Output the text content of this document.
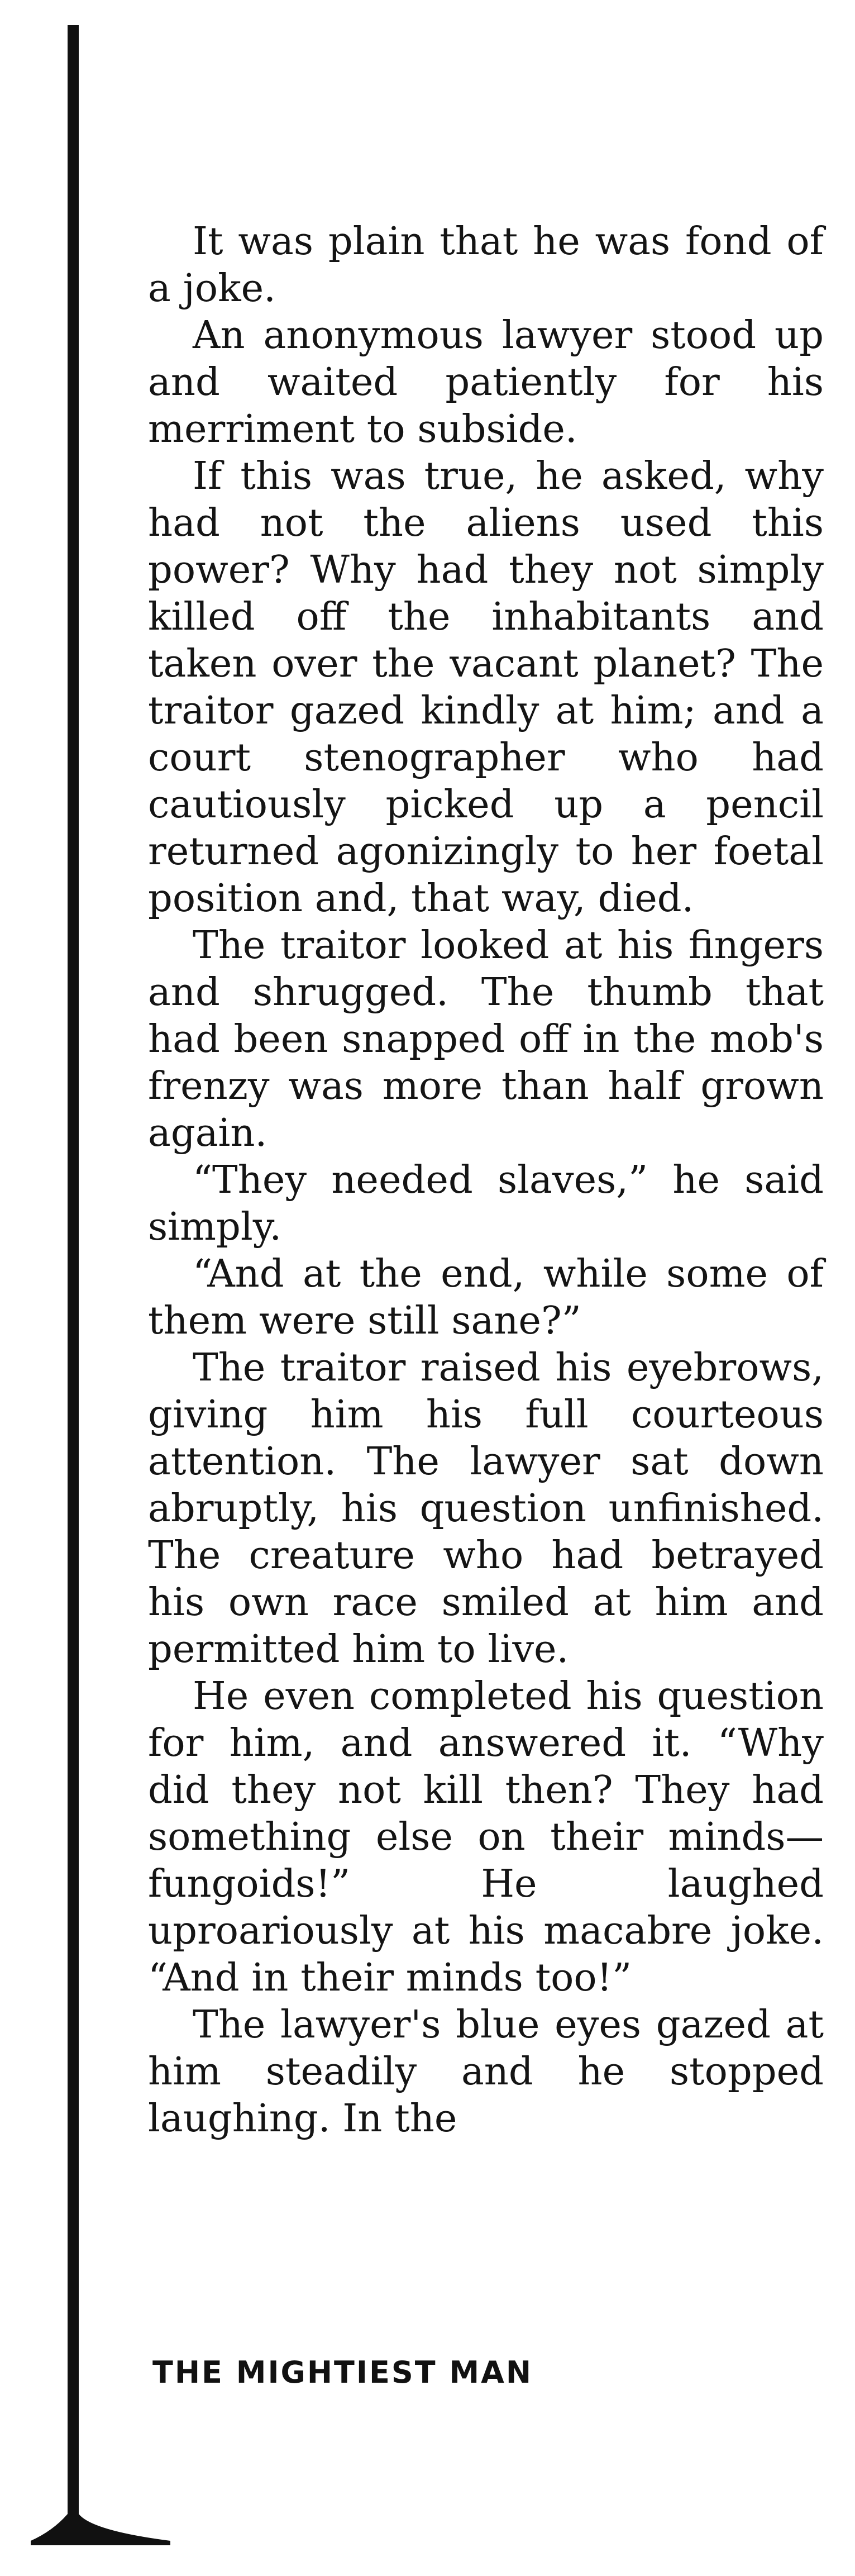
It was plain that he was fond of a joke.

An anonymous lawyer stood up and waited patiently for his merriment to subside.

If this was true, he asked, why had not the aliens used this power? Why had they not simply killed off the inhabitants and taken over the vacant planet? The traitor gazed kindly at him; and a court stenographer who had cautiously picked up a pencil returned agonizingly to her foetal position and, that way, died.

The traitor looked at his fingers and shrugged. The thumb that had been snapped off in the mob's frenzy was more than half grown again.

“They needed slaves,” he said simply.

“And at the end, while some of them were still sane?”

The traitor raised his eyebrows, giving him his full courteous attention. The lawyer sat down abruptly, his question unfinished. The creature who had betrayed his own race smiled at him and permitted him to live.

He even completed his question for him, and answered it. “Why did they not kill then? They had something else on their minds—fungoids!” He laughed uproariously at his macabre joke. “And in their minds too!”

The lawyer's blue eyes gazed at him steadily and he stopped laughing. In the

THE MIGHTIEST MAN
